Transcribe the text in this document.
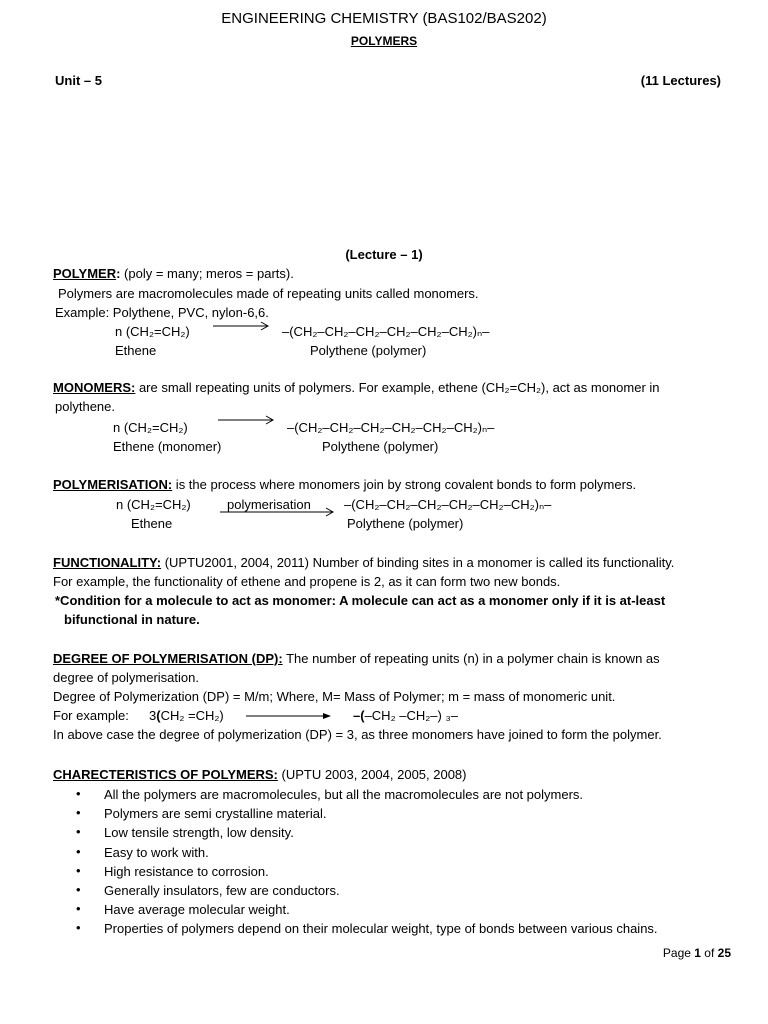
ENGINEERING CHEMISTRY (BAS102/BAS202)
POLYMERS
Unit – 5	(11 Lectures)
(Lecture – 1)
POLYMER: (poly = many; meros = parts).
Polymers are macromolecules made of repeating units called monomers.
Example: Polythene, PVC, nylon-6,6.
n (CH₂=CH₂)	–(CH₂–CH₂–CH₂–CH₂–CH₂–CH₂)ₙ–
Ethene	Polythene (polymer)
MONOMERS: are small repeating units of polymers. For example, ethene (CH₂=CH₂), act as monomer in
polythene.
n (CH₂=CH₂)	–(CH₂–CH₂–CH₂–CH₂–CH₂–CH₂)ₙ–
Ethene (monomer)	Polythene (polymer)
POLYMERISATION: is the process where monomers join by strong covalent bonds to form polymers.
n (CH₂=CH₂)	polymerisation	–(CH₂–CH₂–CH₂–CH₂–CH₂–CH₂)ₙ–
Ethene	Polythene (polymer)
FUNCTIONALITY: (UPTU2001, 2004, 2011) Number of binding sites in a monomer is called its functionality.
For example, the functionality of ethene and propene is 2, as it can form two new bonds.
*Condition for a molecule to act as monomer: A molecule can act as a monomer only if it is at-least
bifunctional in nature.
DEGREE OF POLYMERISATION (DP): The number of repeating units (n) in a polymer chain is known as
degree of polymerisation.
Degree of Polymerization (DP) = M/m; Where, M= Mass of Polymer; m = mass of monomeric unit.
For example: 3(CH₂ =CH₂)	–(–CH₂ –CH₂–) ₃–
In above case the degree of polymerization (DP) = 3, as three monomers have joined to form the polymer.
CHARECTERISTICS OF POLYMERS: (UPTU 2003, 2004, 2005, 2008)
• All the polymers are macromolecules, but all the macromolecules are not polymers.
• Polymers are semi crystalline material.
• Low tensile strength, low density.
• Easy to work with.
• High resistance to corrosion.
• Generally insulators, few are conductors.
• Have average molecular weight.
• Properties of polymers depend on their molecular weight, type of bonds between various chains.
Page 1 of 25
